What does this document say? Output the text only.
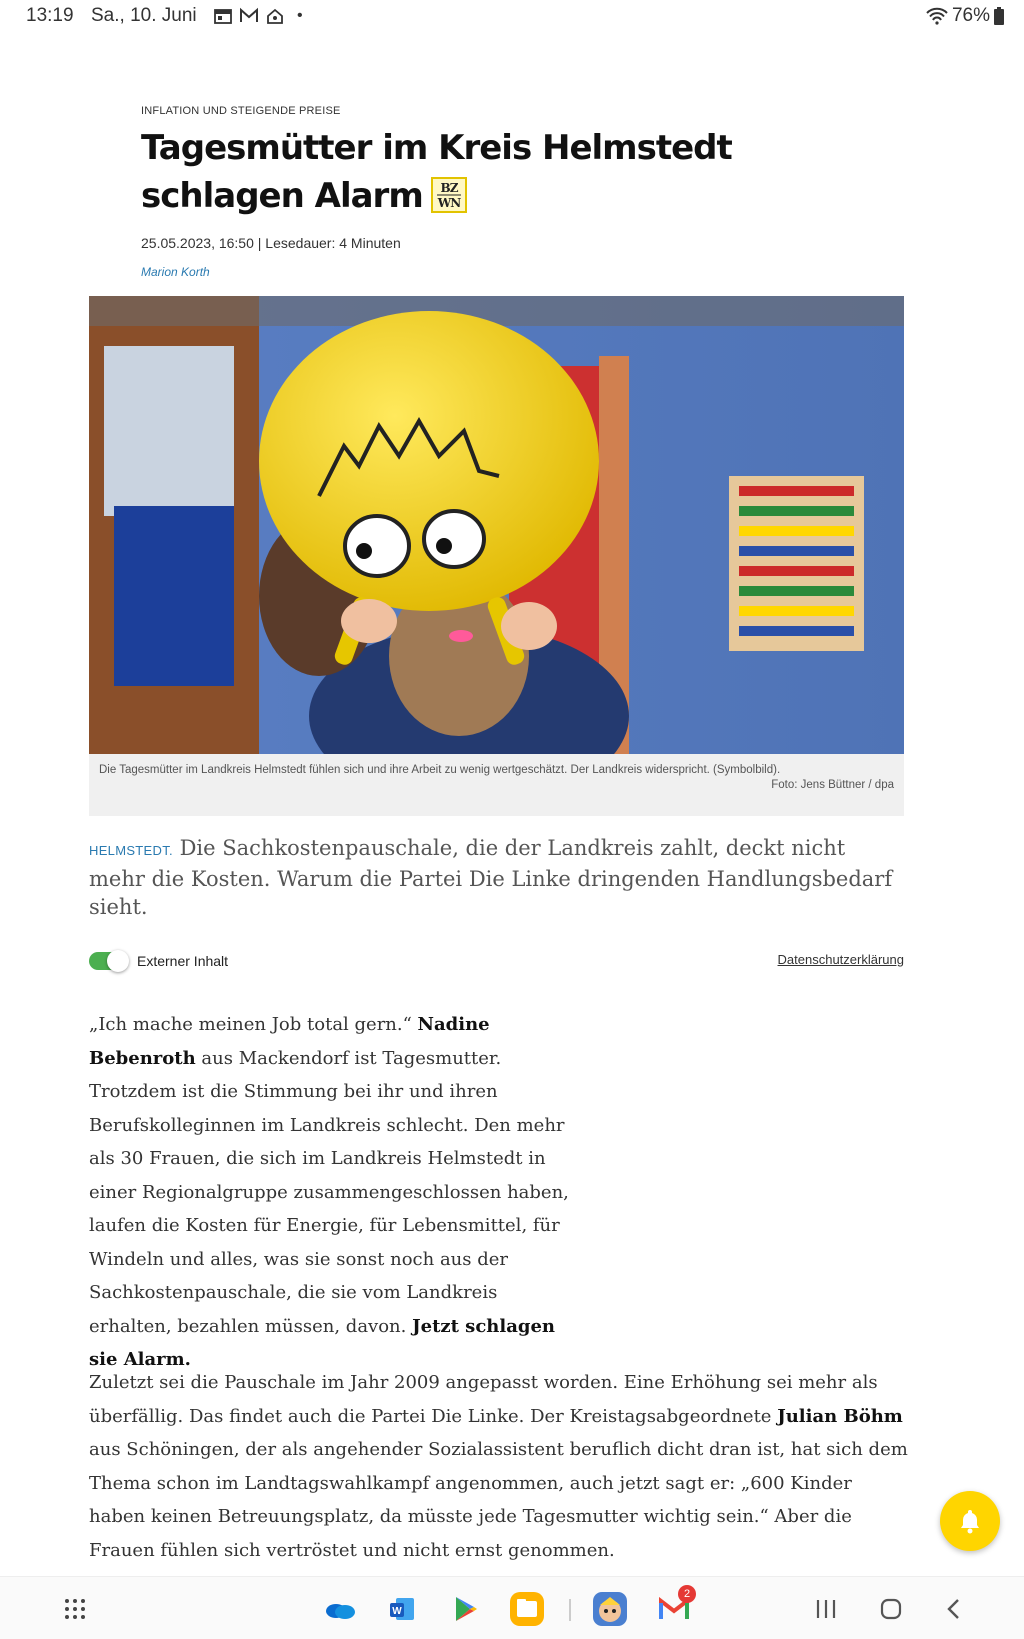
13:19 Sa., 10. Juni	•	76%
INFLATION UND STEIGENDE PREISE
Tagesmütter im Kreis Helmstedt schlagen Alarm BZ
WN
25.05.2023, 16:50 | Lesedauer: 4 Minuten
Marion Korth
Die Tagesmütter im Landkreis Helmstedt fühlen sich und ihre Arbeit zu wenig wertgeschätzt. Der Landkreis widerspricht. (Symbolbild).
Foto: Jens Büttner / dpa

HELMSTEDT. Die Sachkostenpauschale, die der Landkreis zahlt, deckt nicht mehr die Kosten. Warum die Partei Die Linke dringenden Handlungsbedarf sieht.

Externer Inhalt	Datenschutzerklärung

„Ich mache meinen Job total gern.“ Nadine Bebenroth aus Mackendorf ist Tagesmutter. Trotzdem ist die Stimmung bei ihr und ihren Berufskolleginnen im Landkreis schlecht. Den mehr als 30 Frauen, die sich im Landkreis Helmstedt in einer Regionalgruppe zusammengeschlossen haben, laufen die Kosten für Energie, für Lebensmittel, für Windeln und alles, was sie sonst noch aus der Sachkostenpauschale, die sie vom Landkreis erhalten, bezahlen müssen, davon. Jetzt schlagen sie Alarm.

Zuletzt sei die Pauschale im Jahr 2009 angepasst worden. Eine Erhöhung sei mehr als überfällig. Das findet auch die Partei Die Linke. Der Kreistagsabgeordnete Julian Böhm aus Schöningen, der als angehender Sozialassistent beruflich dicht dran ist, hat sich dem Thema schon im Landtagswahlkampf angenommen, auch jetzt sagt er: „600 Kinder haben keinen Betreuungsplatz, da müsste jede Tagesmutter wichtig sein.“ Aber die Frauen fühlen sich vertröstet und nicht ernst genommen.

W
2
